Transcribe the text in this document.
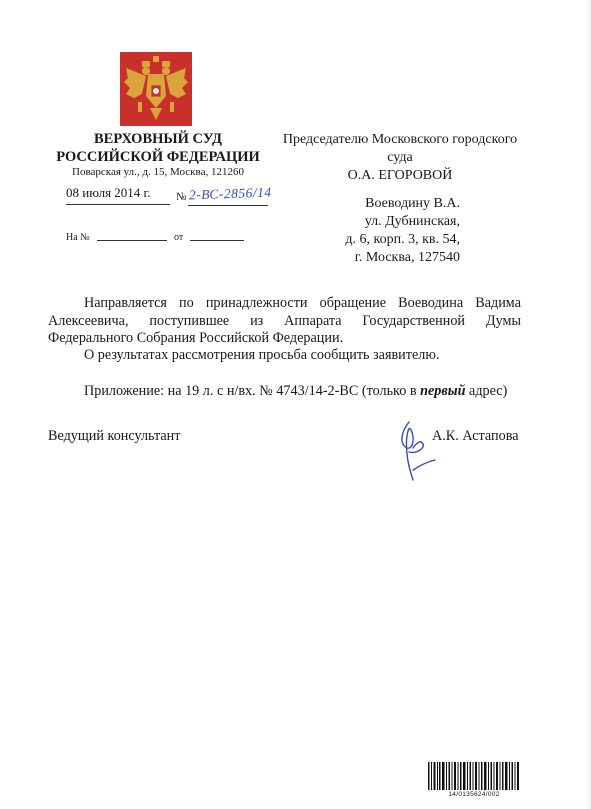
ВЕРХОВНЫЙ СУД
РОССИЙСКОЙ ФЕДЕРАЦИИ
Поварская ул., д. 15, Москва, 121260
08 июля 2014 г. № 2-ВС-2856/14
На №	от
Председателю Московского городского
суда
О.А. ЕГОРОВОЙ
Воеводину В.А.
ул. Дубнинская,
д. 6, корп. 3, кв. 54,
г. Москва, 127540
Направляется по принадлежности обращение Воеводина Вадима Алексеевича, поступившее из Аппарата Государственной Думы Федерального Собрания Российской Федерации.
О результатах рассмотрения просьба сообщить заявителю.
Приложение: на 19 л. с н/вх. № 4743/14-2-ВС (только в первый адрес)
Ведущий консультант	А.К. Астапова
14/0135624/002
